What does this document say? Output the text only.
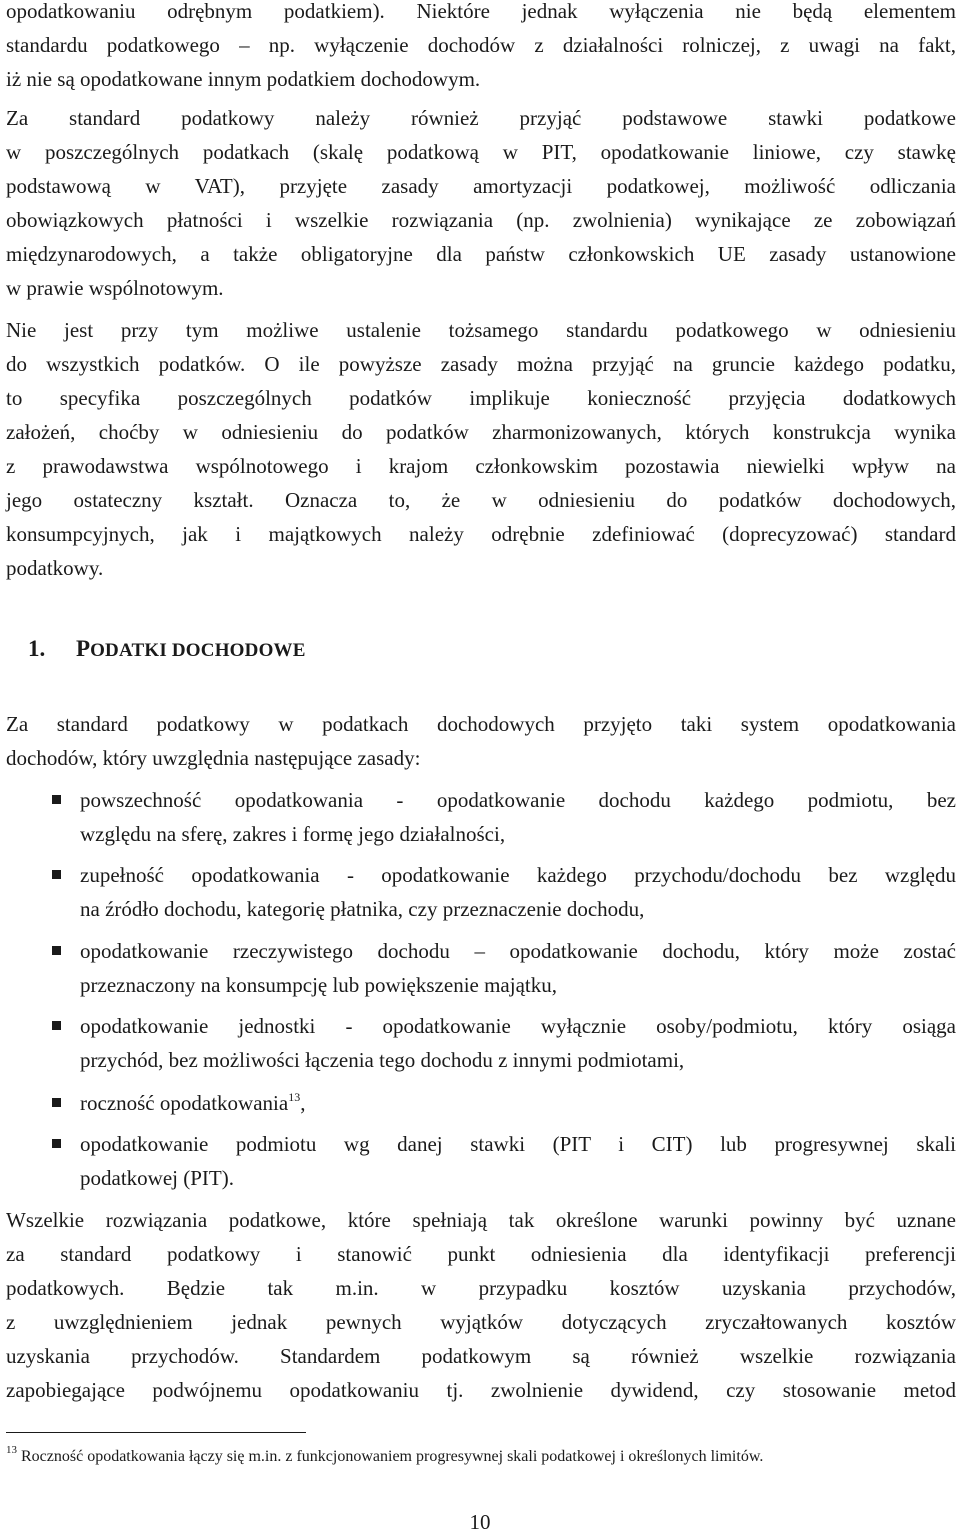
opodatkowaniu odrębnym podatkiem). Niektóre jednak wyłączenia nie będą elementem
standardu podatkowego – np. wyłączenie dochodów z działalności rolniczej, z uwagi na fakt,
iż nie są opodatkowane innym podatkiem dochodowym.
Za standard podatkowy należy również przyjąć podstawowe stawki podatkowe
w poszczególnych podatkach (skalę podatkową w PIT, opodatkowanie liniowe, czy stawkę
podstawową w VAT), przyjęte zasady amortyzacji podatkowej, możliwość odliczania
obowiązkowych płatności i wszelkie rozwiązania (np. zwolnienia) wynikające ze zobowiązań
międzynarodowych, a także obligatoryjne dla państw członkowskich UE zasady ustanowione
w prawie wspólnotowym.
Nie jest przy tym możliwe ustalenie tożsamego standardu podatkowego w odniesieniu
do wszystkich podatków. O ile powyższe zasady można przyjąć na gruncie każdego podatku,
to specyfika poszczególnych podatków implikuje konieczność przyjęcia dodatkowych
założeń, choćby w odniesieniu do podatków zharmonizowanych, których konstrukcja wynika
z prawodawstwa wspólnotowego i krajom członkowskim pozostawia niewielki wpływ na
jego ostateczny kształt. Oznacza to, że w odniesieniu do podatków dochodowych,
konsumpcyjnych, jak i majątkowych należy odrębnie zdefiniować (doprecyzować) standard
podatkowy.
1. PODATKI DOCHODOWE
Za standard podatkowy w podatkach dochodowych przyjęto taki system opodatkowania
dochodów, który uwzględnia następujące zasady:
powszechność opodatkowania - opodatkowanie dochodu każdego podmiotu, bez
względu na sferę, zakres i formę jego działalności,
zupełność opodatkowania - opodatkowanie każdego przychodu/dochodu bez względu
na źródło dochodu, kategorię płatnika, czy przeznaczenie dochodu,
opodatkowanie rzeczywistego dochodu – opodatkowanie dochodu, który może zostać
przeznaczony na konsumpcję lub powiększenie majątku,
opodatkowanie jednostki - opodatkowanie wyłącznie osoby/podmiotu, który osiąga
przychód, bez możliwości łączenia tego dochodu z innymi podmiotami,
roczność opodatkowania$^{13}$,
opodatkowanie podmiotu wg danej stawki (PIT i CIT) lub progresywnej skali
podatkowej (PIT).
Wszelkie rozwiązania podatkowe, które spełniają tak określone warunki powinny być uznane
za standard podatkowy i stanowić punkt odniesienia dla identyfikacji preferencji
podatkowych. Będzie tak m.in. w przypadku kosztów uzyskania przychodów,
z uwzględnieniem jednak pewnych wyjątków dotyczących zryczałtowanych kosztów
uzyskania przychodów. Standardem podatkowym są również wszelkie rozwiązania
zapobiegające podwójnemu opodatkowaniu tj. zwolnienie dywidend, czy stosowanie metod
$^{13}$ Roczność opodatkowania łączy się m.in. z funkcjonowaniem progresywnej skali podatkowej i określonych limitów.
10
